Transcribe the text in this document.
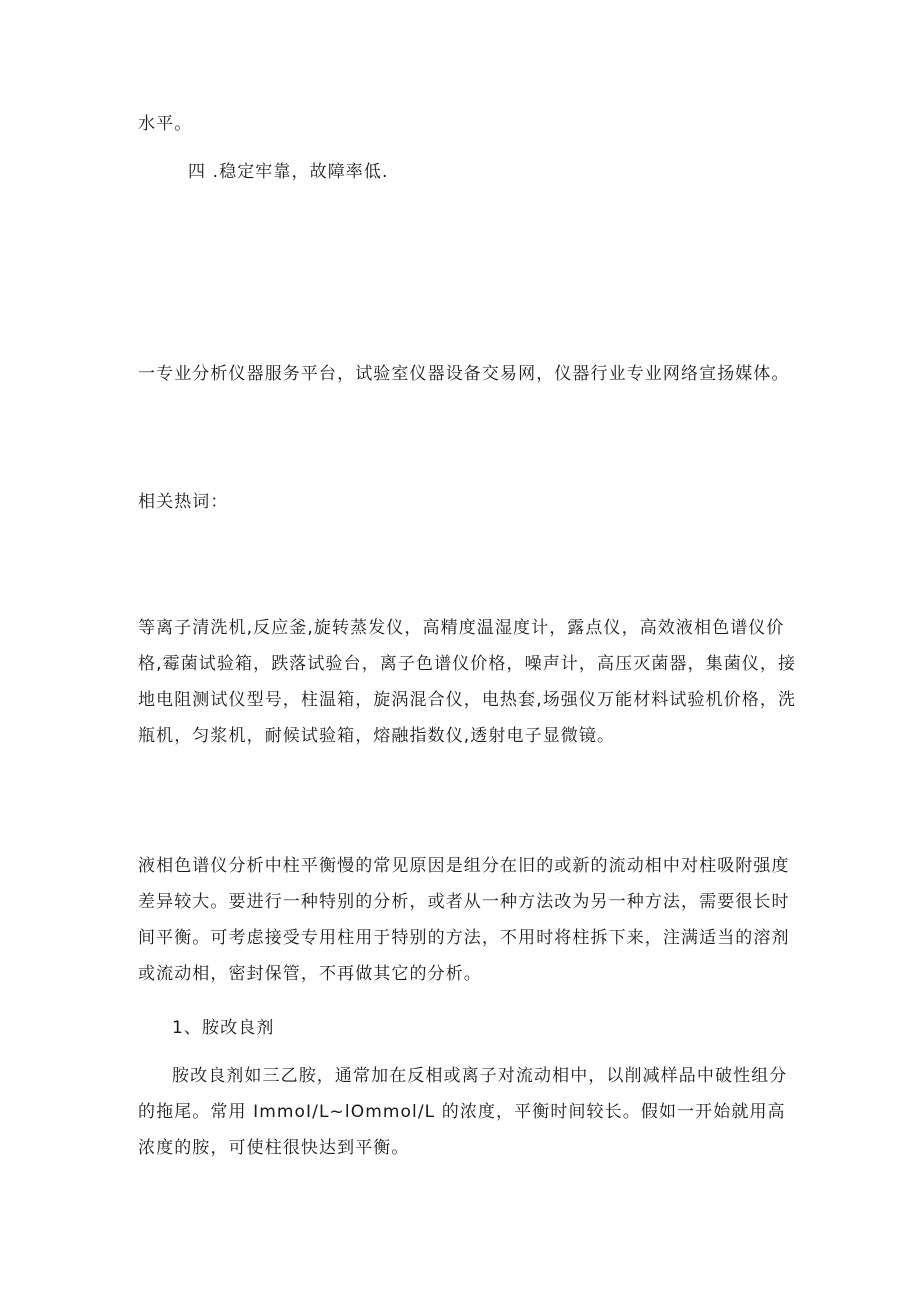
水平。

四 .稳定牢靠，故障率低.

一专业分析仪器服务平台，试验室仪器设备交易网，仪器行业专业网络宣扬媒体。

相关热词：

等离子清洗机,反应釜,旋转蒸发仪，高精度温湿度计，露点仪，高效液相色谱仪价格,霉菌试验箱，跌落试验台，离子色谱仪价格，噪声计，高压灭菌器，集菌仪，接地电阻测试仪型号，柱温箱，旋涡混合仪，电热套,场强仪万能材料试验机价格，洗瓶机，匀浆机，耐候试验箱，熔融指数仪,透射电子显微镜。

液相色谱仪分析中柱平衡慢的常见原因是组分在旧的或新的流动相中对柱吸附强度差异较大。要进行一种特别的分析，或者从一种方法改为另一种方法，需要很长时间平衡。可考虑接受专用柱用于特别的方法，不用时将柱拆下来，注满适当的溶剂或流动相，密封保管，不再做其它的分析。

1、胺改良剂

胺改良剂如三乙胺，通常加在反相或离子对流动相中，以削减样品中破性组分的拖尾。常用 ImmoI/L~lOmmol/L 的浓度，平衡时间较长。假如一开始就用高浓度的胺，可使柱很快达到平衡。
